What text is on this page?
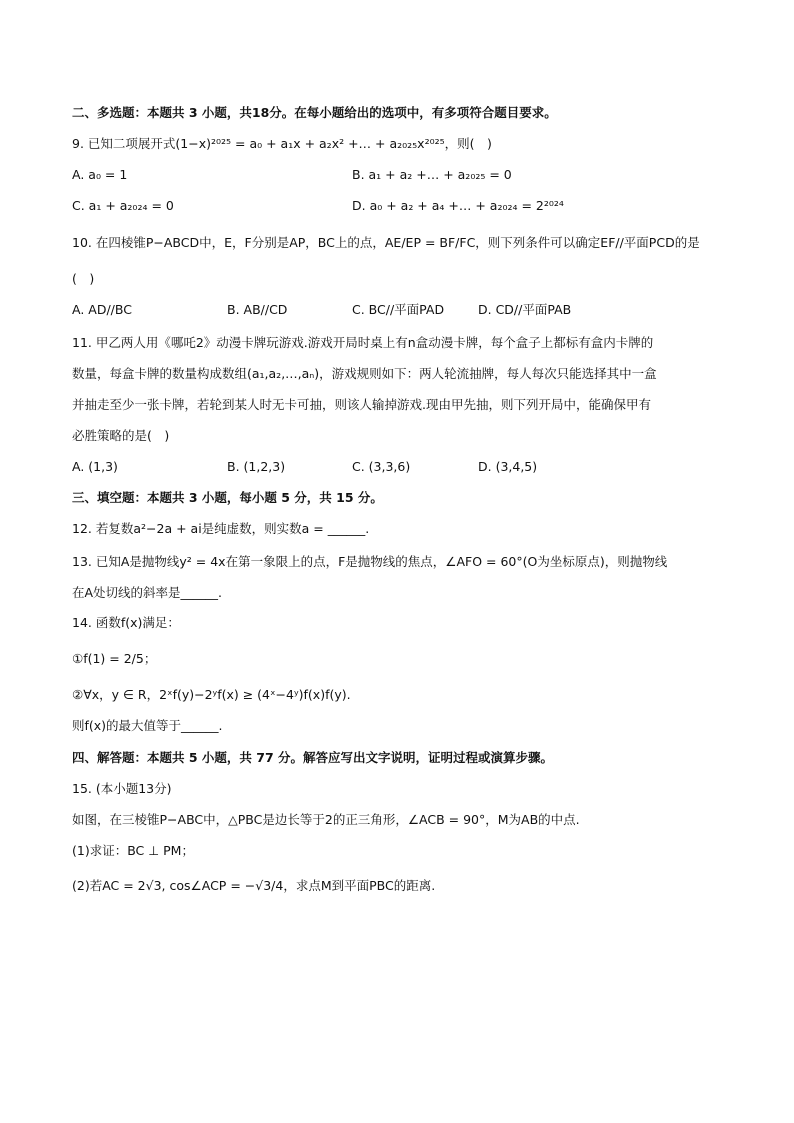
二、多选题：本题共 3 小题，共18分。在每小题给出的选项中，有多项符合题目要求。
9. 已知二项展开式(1−x)²⁰²⁵ = a₀ + a₁x + a₂x² +… + a₂₀₂₅x²⁰²⁵，则(　)
A. a₀ = 1	B. a₁ + a₂ +… + a₂₀₂₅ = 0
C. a₁ + a₂₀₂₄ = 0	D. a₀ + a₂ + a₄ +… + a₂₀₂₄ = 2²⁰²⁴
10. 在四棱锥P−ABCD中，E，F分别是AP，BC上的点，AE/EP = BF/FC，则下列条件可以确定EF//平面PCD的是
(　)
A. AD//BC	B. AB//CD	C. BC//平面PAD	D. CD//平面PAB
11. 甲乙两人用《哪吒2》动漫卡牌玩游戏.游戏开局时桌上有n盒动漫卡牌，每个盒子上都标有盒内卡牌的
数量，每盒卡牌的数量构成数组(a₁,a₂,…,aₙ)，游戏规则如下：两人轮流抽牌，每人每次只能选择其中一盒
并抽走至少一张卡牌，若轮到某人时无卡可抽，则该人输掉游戏.现由甲先抽，则下列开局中，能确保甲有
必胜策略的是(　)
A. (1,3)	B. (1,2,3)	C. (3,3,6)	D. (3,4,5)
三、填空题：本题共 3 小题，每小题 5 分，共 15 分。
12. 若复数a²−2a + ai是纯虚数，则实数a = ______.
13. 已知A是抛物线y² = 4x在第一象限上的点，F是抛物线的焦点，∠AFO = 60°(O为坐标原点)，则抛物线
在A处切线的斜率是______.
14. 函数f(x)满足：
①f(1) = 2/5；
②∀x，y ∈ R，2ˣf(y)−2ʸf(x) ≥ (4ˣ−4ʸ)f(x)f(y).
则f(x)的最大值等于______.
四、解答题：本题共 5 小题，共 77 分。解答应写出文字说明，证明过程或演算步骤。
15. (本小题13分)
如图，在三棱锥P−ABC中，△PBC是边长等于2的正三角形，∠ACB = 90°，M为AB的中点.
(1)求证：BC ⊥ PM；
(2)若AC = 2√3, cos∠ACP = −√3/4，求点M到平面PBC的距离.
